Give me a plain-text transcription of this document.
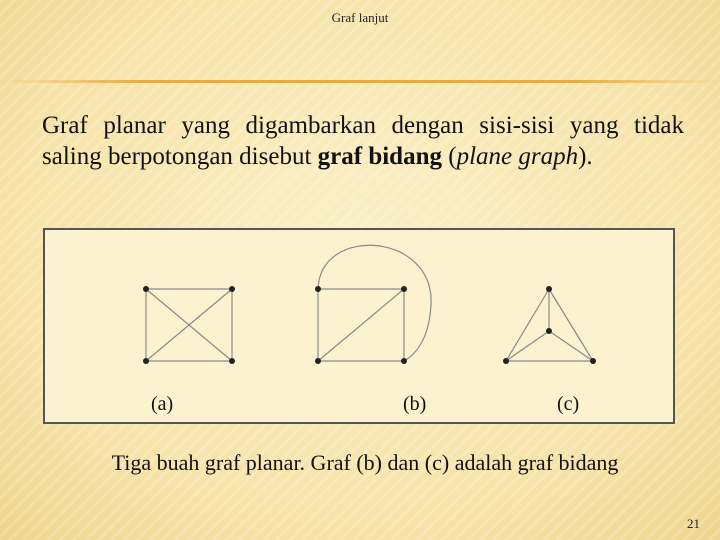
Graf lanjut
Graf planar yang digambarkan dengan sisi-sisi yang tidak saling berpotongan disebut graf bidang (plane graph).
(a)	(b)	(c)
Tiga buah graf planar. Graf (b) dan (c) adalah graf bidang
21
